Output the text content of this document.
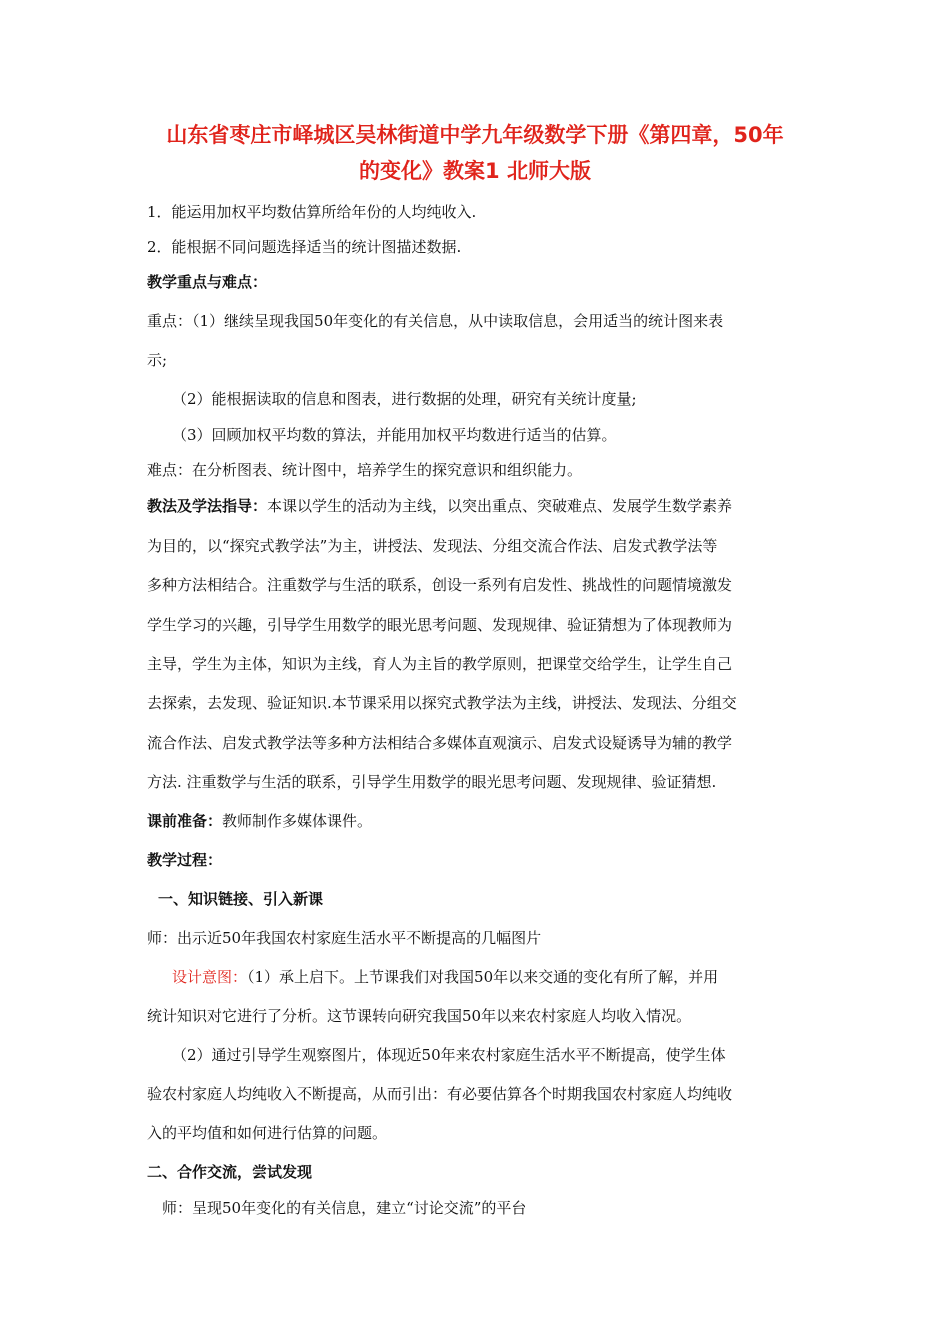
山东省枣庄市峄城区吴林街道中学九年级数学下册《第四章，50年
的变化》教案1 北师大版
1．能运用加权平均数估算所给年份的人均纯收入.
2．能根据不同问题选择适当的统计图描述数据.
教学重点与难点：
重点：（1）继续呈现我国50年变化的有关信息，从中读取信息，会用适当的统计图来表
示;
（2）能根据读取的信息和图表，进行数据的处理，研究有关统计度量;
（3）回顾加权平均数的算法，并能用加权平均数进行适当的估算。
难点：在分析图表、统计图中，培养学生的探究意识和组织能力。
教法及学法指导：本课以学生的活动为主线，以突出重点、突破难点、发展学生数学素养
为目的，以“探究式教学法”为主，讲授法、发现法、分组交流合作法、启发式教学法等
多种方法相结合。注重数学与生活的联系，创设一系列有启发性、挑战性的问题情境激发
学生学习的兴趣，引导学生用数学的眼光思考问题、发现规律、验证猜想为了体现教师为
主导，学生为主体，知识为主线，育人为主旨的教学原则，把课堂交给学生，让学生自己
去探索，去发现、验证知识.本节课采用以探究式教学法为主线，讲授法、发现法、分组交
流合作法、启发式教学法等多种方法相结合多媒体直观演示、启发式设疑诱导为辅的教学
方法. 注重数学与生活的联系，引导学生用数学的眼光思考问题、发现规律、验证猜想.
课前准备：教师制作多媒体课件。
教学过程：
一、知识链接、引入新课
师：出示近50年我国农村家庭生活水平不断提高的几幅图片
设计意图：（1）承上启下。上节课我们对我国50年以来交通的变化有所了解，并用
统计知识对它进行了分析。这节课转向研究我国50年以来农村家庭人均收入情况。
（2）通过引导学生观察图片，体现近50年来农村家庭生活水平不断提高，使学生体
验农村家庭人均纯收入不断提高，从而引出：有必要估算各个时期我国农村家庭人均纯收
入的平均值和如何进行估算的问题。
二、合作交流，尝试发现
师：呈现50年变化的有关信息，建立“讨论交流”的平台
